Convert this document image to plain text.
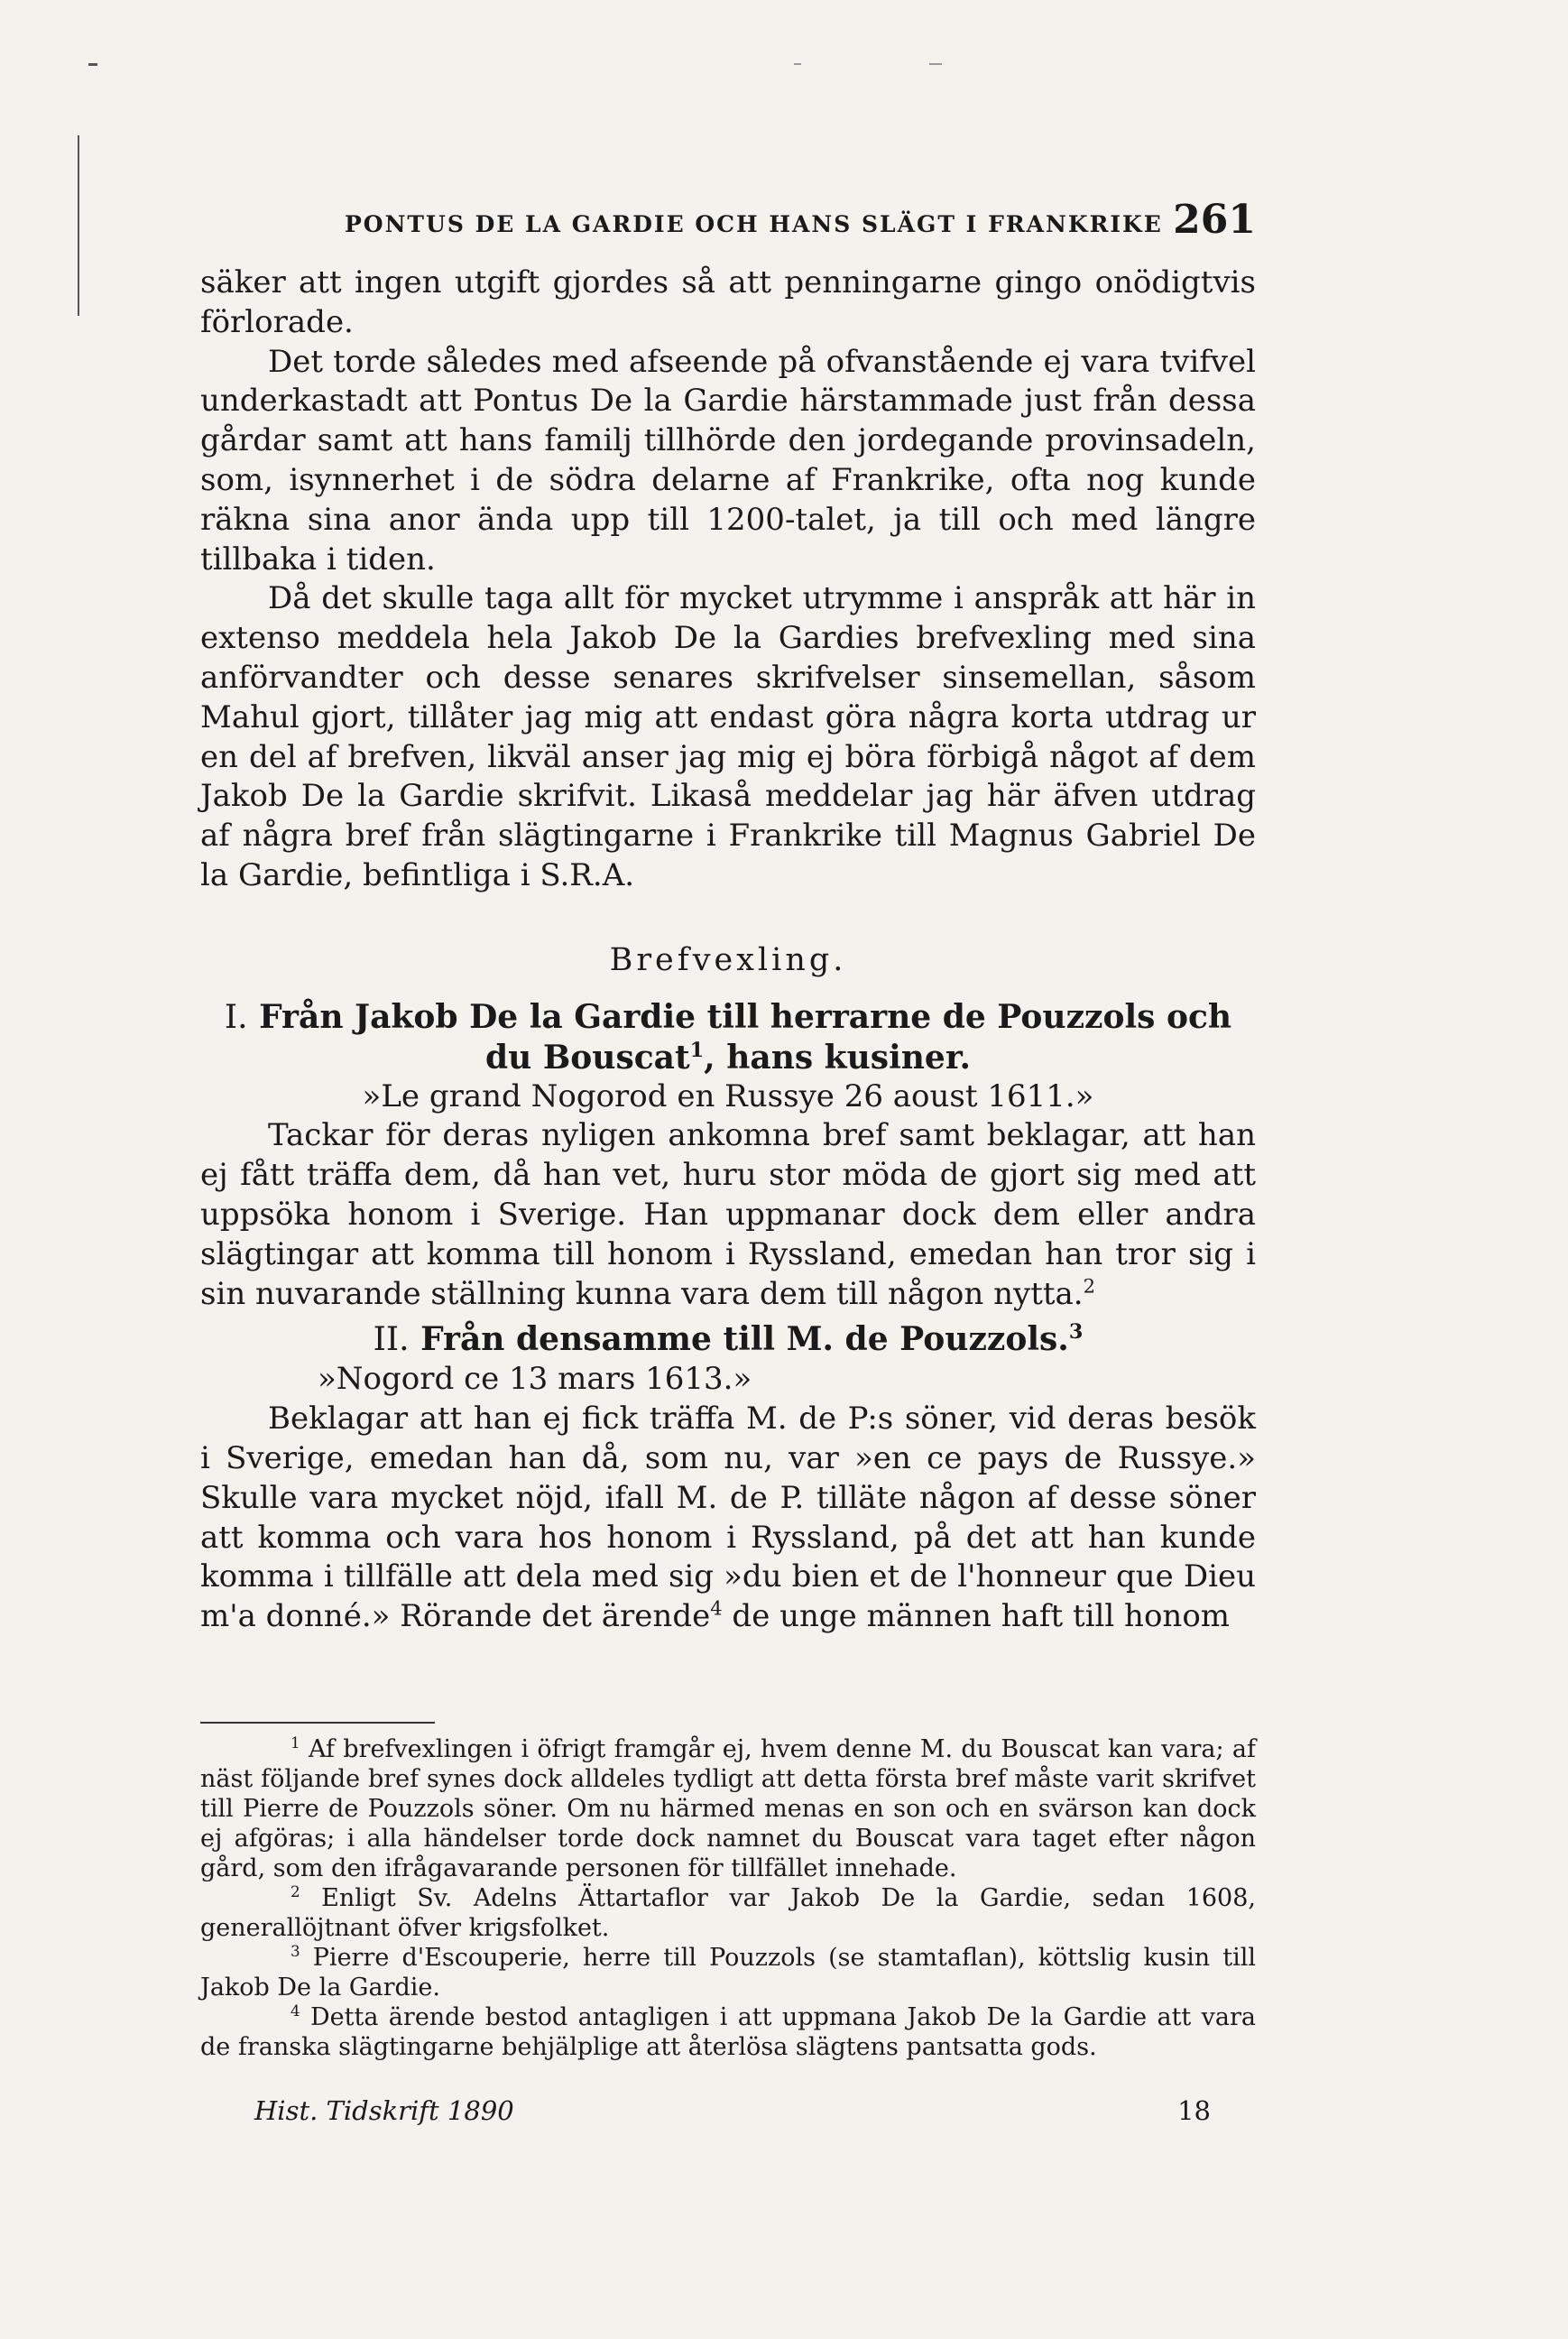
PONTUS DE LA GARDIE OCH HANS SLÄGT I FRANKRIKE 261

säker att ingen utgift gjordes så att penningarne gingo onödigtvis förlorade.

Det torde således med afseende på ofvanstående ej vara tvifvel underkastadt att Pontus De la Gardie härstammade just från dessa gårdar samt att hans familj tillhörde den jordegande provinsadeln, som, isynnerhet i de södra delarne af Frankrike, ofta nog kunde räkna sina anor ända upp till 1200-talet, ja till och med längre tillbaka i tiden.

Då det skulle taga allt för mycket utrymme i anspråk att här in extenso meddela hela Jakob De la Gardies brefvexling med sina anförvandter och desse senares skrifvelser sinsemellan, såsom Mahul gjort, tillåter jag mig att endast göra några korta utdrag ur en del af brefven, likväl anser jag mig ej böra förbigå något af dem Jakob De la Gardie skrifvit. Likaså meddelar jag här äfven utdrag af några bref från slägtingarne i Frankrike till Magnus Gabriel De la Gardie, befintliga i S.R.A.

Brefvexling.

I. Från Jakob De la Gardie till herrarne de Pouzzols och du Bouscat$^1$, hans kusiner.

»Le grand Nogorod en Russye 26 aoust 1611.»

Tackar för deras nyligen ankomna bref samt beklagar, att han ej fått träffa dem, då han vet, huru stor möda de gjort sig med att uppsöka honom i Sverige. Han uppmanar dock dem eller andra slägtingar att komma till honom i Ryssland, emedan han tror sig i sin nuvarande ställning kunna vara dem till någon nytta.$^2$

II. Från densamme till M. de Pouzzols.$^3$

»Nogord ce 13 mars 1613.»

Beklagar att han ej fick träffa M. de P:s söner, vid deras besök i Sverige, emedan han då, som nu, var »en ce pays de Russye.» Skulle vara mycket nöjd, ifall M. de P. tilläte någon af desse söner att komma och vara hos honom i Ryssland, på det att han kunde komma i tillfälle att dela med sig »du bien et de l'honneur que Dieu m'a donné.» Rörande det ärende$^4$ de unge männen haft till honom

$^1$ Af brefvexlingen i öfrigt framgår ej, hvem denne M. du Bouscat kan vara; af näst följande bref synes dock alldeles tydligt att detta första bref måste varit skrifvet till Pierre de Pouzzols söner. Om nu härmed menas en son och en svärson kan dock ej afgöras; i alla händelser torde dock namnet du Bouscat vara taget efter någon gård, som den ifrågavarande personen för tillfället innehade.

$^2$ Enligt Sv. Adelns Ättartaflor var Jakob De la Gardie, sedan 1608, generallöjtnant öfver krigsfolket.

$^3$ Pierre d'Escouperie, herre till Pouzzols (se stamtaflan), köttslig kusin till Jakob De la Gardie.

$^4$ Detta ärende bestod antagligen i att uppmana Jakob De la Gardie att vara de franska slägtingarne behjälplige att återlösa slägtens pantsatta gods.

Hist. Tidskrift 1890	18
